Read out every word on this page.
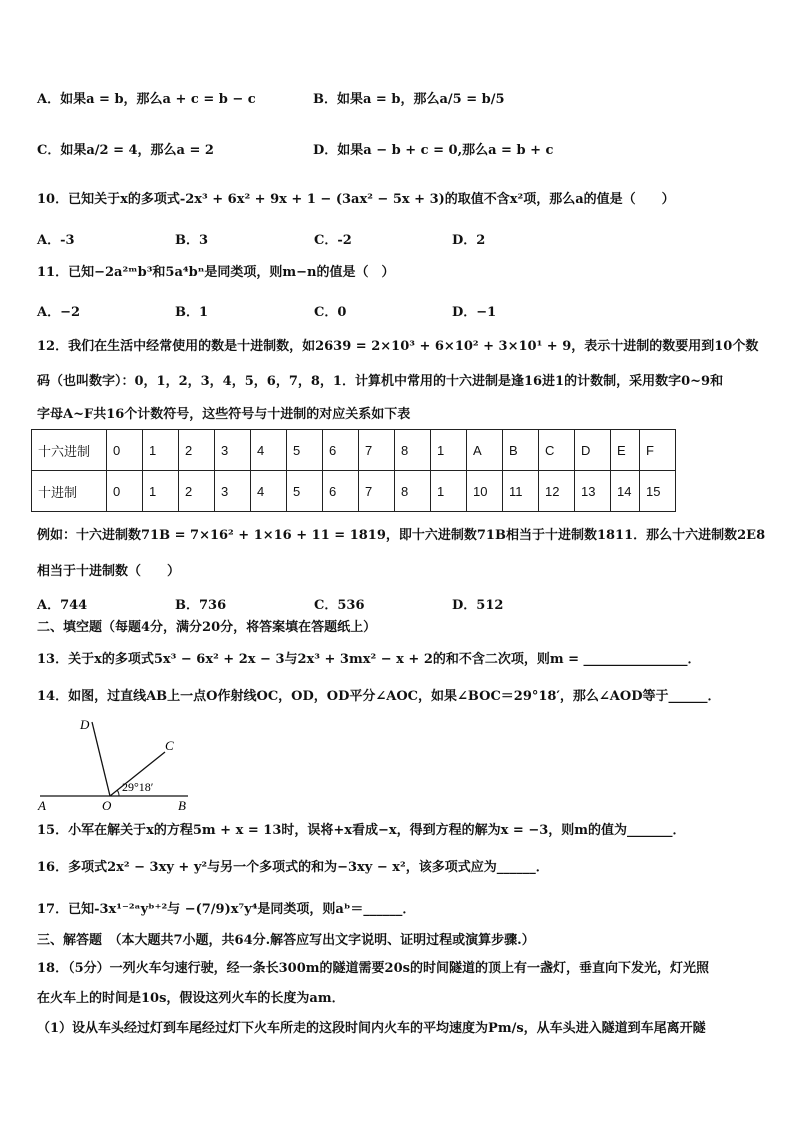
A．如果a = b，那么a + c = b − c	B．如果a = b，那么a/5 = b/5
C．如果a/2 = 4，那么a = 2	D．如果a − b + c = 0,那么a = b + c
10．已知关于x的多项式-2x³ + 6x² + 9x + 1 − (3ax² − 5x + 3)的取值不含x²项，那么a的值是（　　）
A．-3	B．3	C．-2	D．2
11．已知−2a²ᵐb³和5a⁴bⁿ是同类项，则m−n的值是（　）
A．−2	B．1	C．0	D．−1
12．我们在生活中经常使用的数是十进制数，如2639 = 2×10³ + 6×10² + 3×10¹ + 9，表示十进制的数要用到10个数
码（也叫数字）：0，1，2，3，4，5，6，7，8，1．计算机中常用的十六进制是逢16进1的计数制，采用数字0~9和
字母A~F共16个计数符号，这些符号与十进制的对应关系如下表
十六进制	0	1	2	3	4	5	6	7	8	1	A	B	C	D	E	F
十进制	0	1	2	3	4	5	6	7	8	1	10	11	12	13	14	15
例如：十六进制数71B = 7×16² + 1×16 + 11 = 1819，即十六进制数71B相当于十进制数1811．那么十六进制数2E8
相当于十进制数（　　）
A．744	B．736	C．536	D．512
二、填空题（每题4分，满分20分，将答案填在答题纸上）
13．关于x的多项式5x³ − 6x² + 2x − 3与2x³ + 3mx² − x + 2的和不含二次项，则m = ________________．
14．如图，过直线AB上一点O作射线OC，OD，OD平分∠AOC，如果∠BOC＝29°18′，那么∠AOD等于______．
D
C
A	O	B
29°18′
15．小军在解关于x的方程5m + x = 13时，误将+x看成−x，得到方程的解为x = −3，则m的值为_______．
16．多项式2x² − 3xy + y²与另一个多项式的和为−3xy − x²，该多项式应为______．
17．已知-3x¹⁻²ᵃyᵇ⁺²与 −(7/9)x⁷y⁴是同类项，则aᵇ＝______．
三、解答题　（本大题共7小题，共64分.解答应写出文字说明、证明过程或演算步骤.）
18．（5分）一列火车匀速行驶，经一条长300m的隧道需要20s的时间隧道的顶上有一盏灯，垂直向下发光，灯光照
在火车上的时间是10s，假设这列火车的长度为am．
（1）设从车头经过灯到车尾经过灯下火车所走的这段时间内火车的平均速度为Pm/s，从车头进入隧道到车尾离开隧
